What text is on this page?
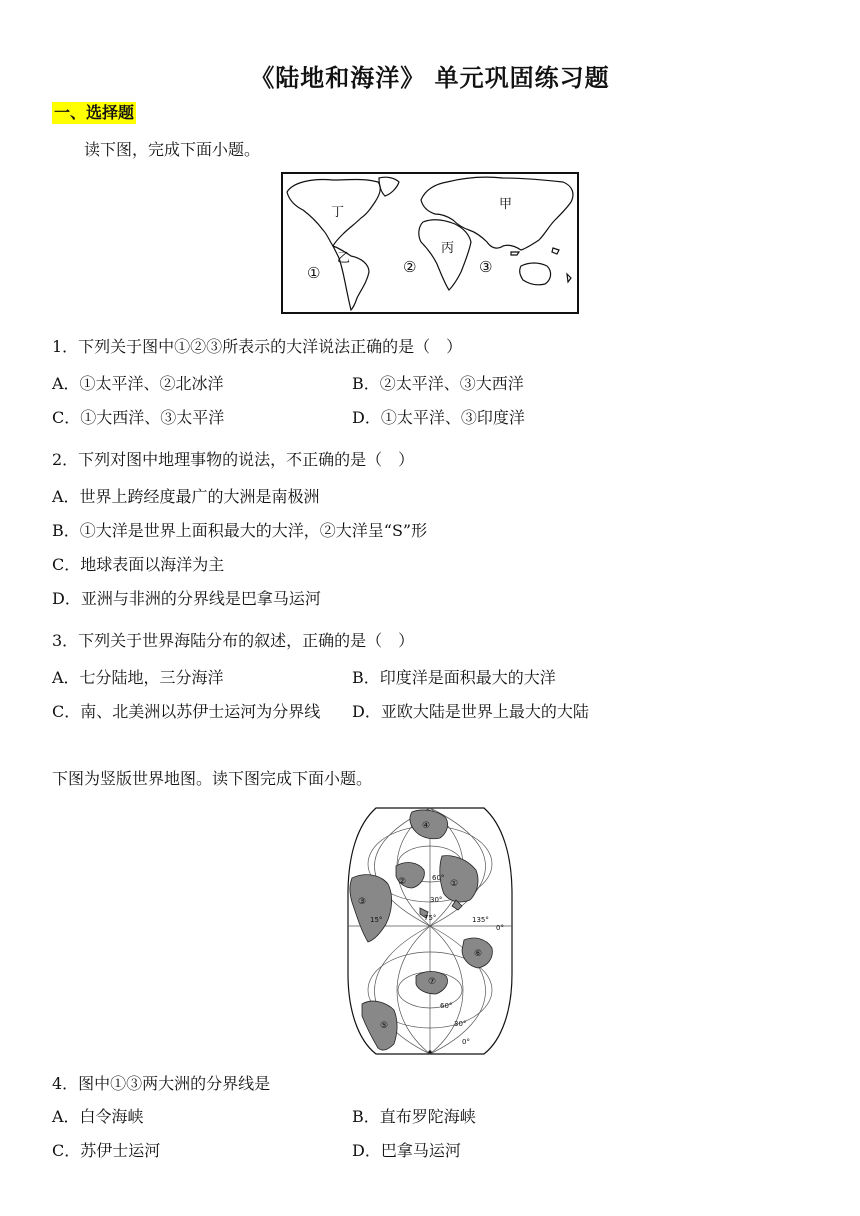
《陆地和海洋》 单元巩固练习题
一、选择题
读下图，完成下面小题。
甲
丁
丙
乙
①	②	③
1．下列关于图中①②③所表示的大洋说法正确的是（　）
A．①太平洋、②北冰洋	B．②太平洋、③大西洋
C．①大西洋、③太平洋	D．①太平洋、③印度洋
2．下列对图中地理事物的说法，不正确的是（　）
A．世界上跨经度最广的大洲是南极洲
B．①大洋是世界上面积最大的大洋，②大洋呈“S”形
C．地球表面以海洋为主
D．亚洲与非洲的分界线是巴拿马运河
3．下列关于世界海陆分布的叙述，正确的是（　）
A．七分陆地，三分海洋	B．印度洋是面积最大的大洋
C．南、北美洲以苏伊士运河为分界线 D．亚欧大陆是世界上最大的大陆
下图为竖版世界地图。读下图完成下面小题。
④
①
②
③
⑥
⑦
⑤
60°
30°
15°	75°	135°
0°
60°
30°
0°
4．图中①③两大洲的分界线是
A．白令海峡	B．直布罗陀海峡
C．苏伊士运河	D．巴拿马运河
